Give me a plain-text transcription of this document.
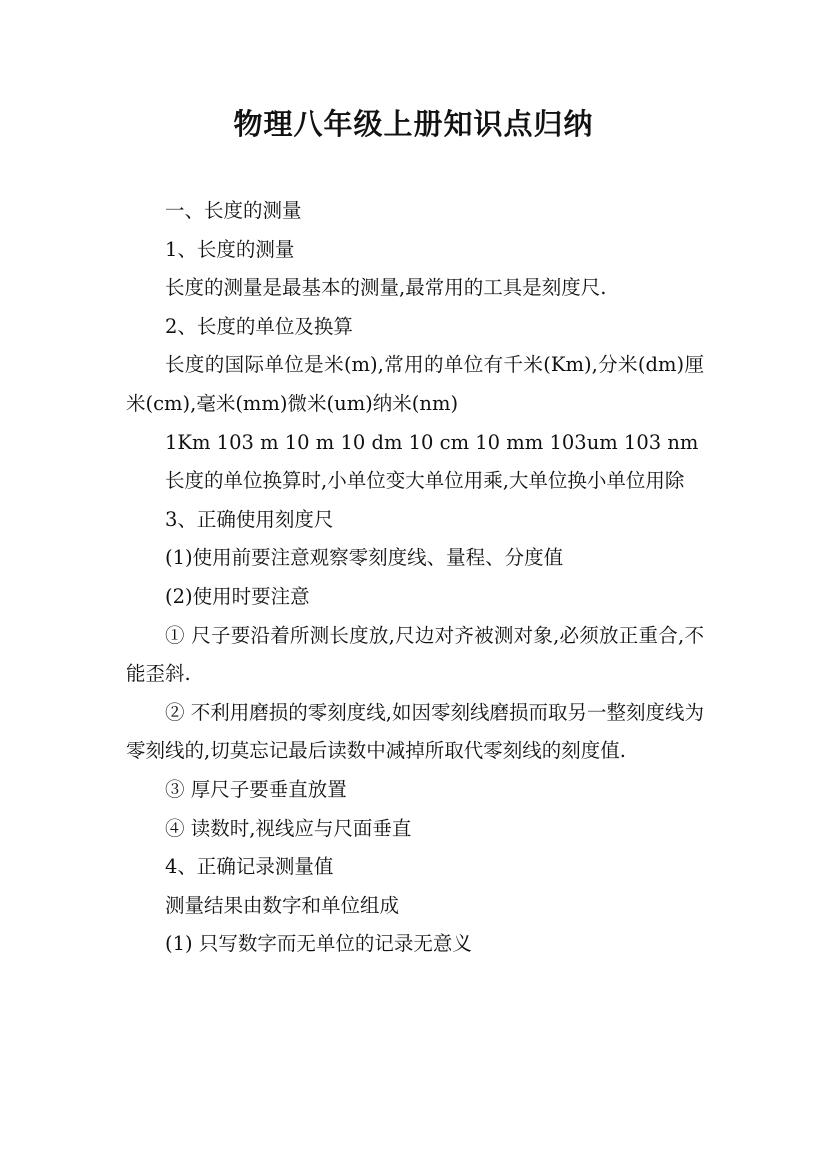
物理八年级上册知识点归纳

一、长度的测量

1、长度的测量

长度的测量是最基本的测量,最常用的工具是刻度尺.

2、长度的单位及换算

长度的国际单位是米(m),常用的单位有千米(Km),分米(dm)厘米(cm),毫米(mm)微米(um)纳米(nm)

1Km 103 m 10 m 10 dm 10 cm 10 mm 103um 103 nm

长度的单位换算时,小单位变大单位用乘,大单位换小单位用除

3、正确使用刻度尺

(1)使用前要注意观察零刻度线、量程、分度值

(2)使用时要注意

① 尺子要沿着所测长度放,尺边对齐被测对象,必须放正重合,不能歪斜.

② 不利用磨损的零刻度线,如因零刻线磨损而取另一整刻度线为零刻线的,切莫忘记最后读数中减掉所取代零刻线的刻度值.

③ 厚尺子要垂直放置

④ 读数时,视线应与尺面垂直

4、正确记录测量值

测量结果由数字和单位组成

(1) 只写数字而无单位的记录无意义
